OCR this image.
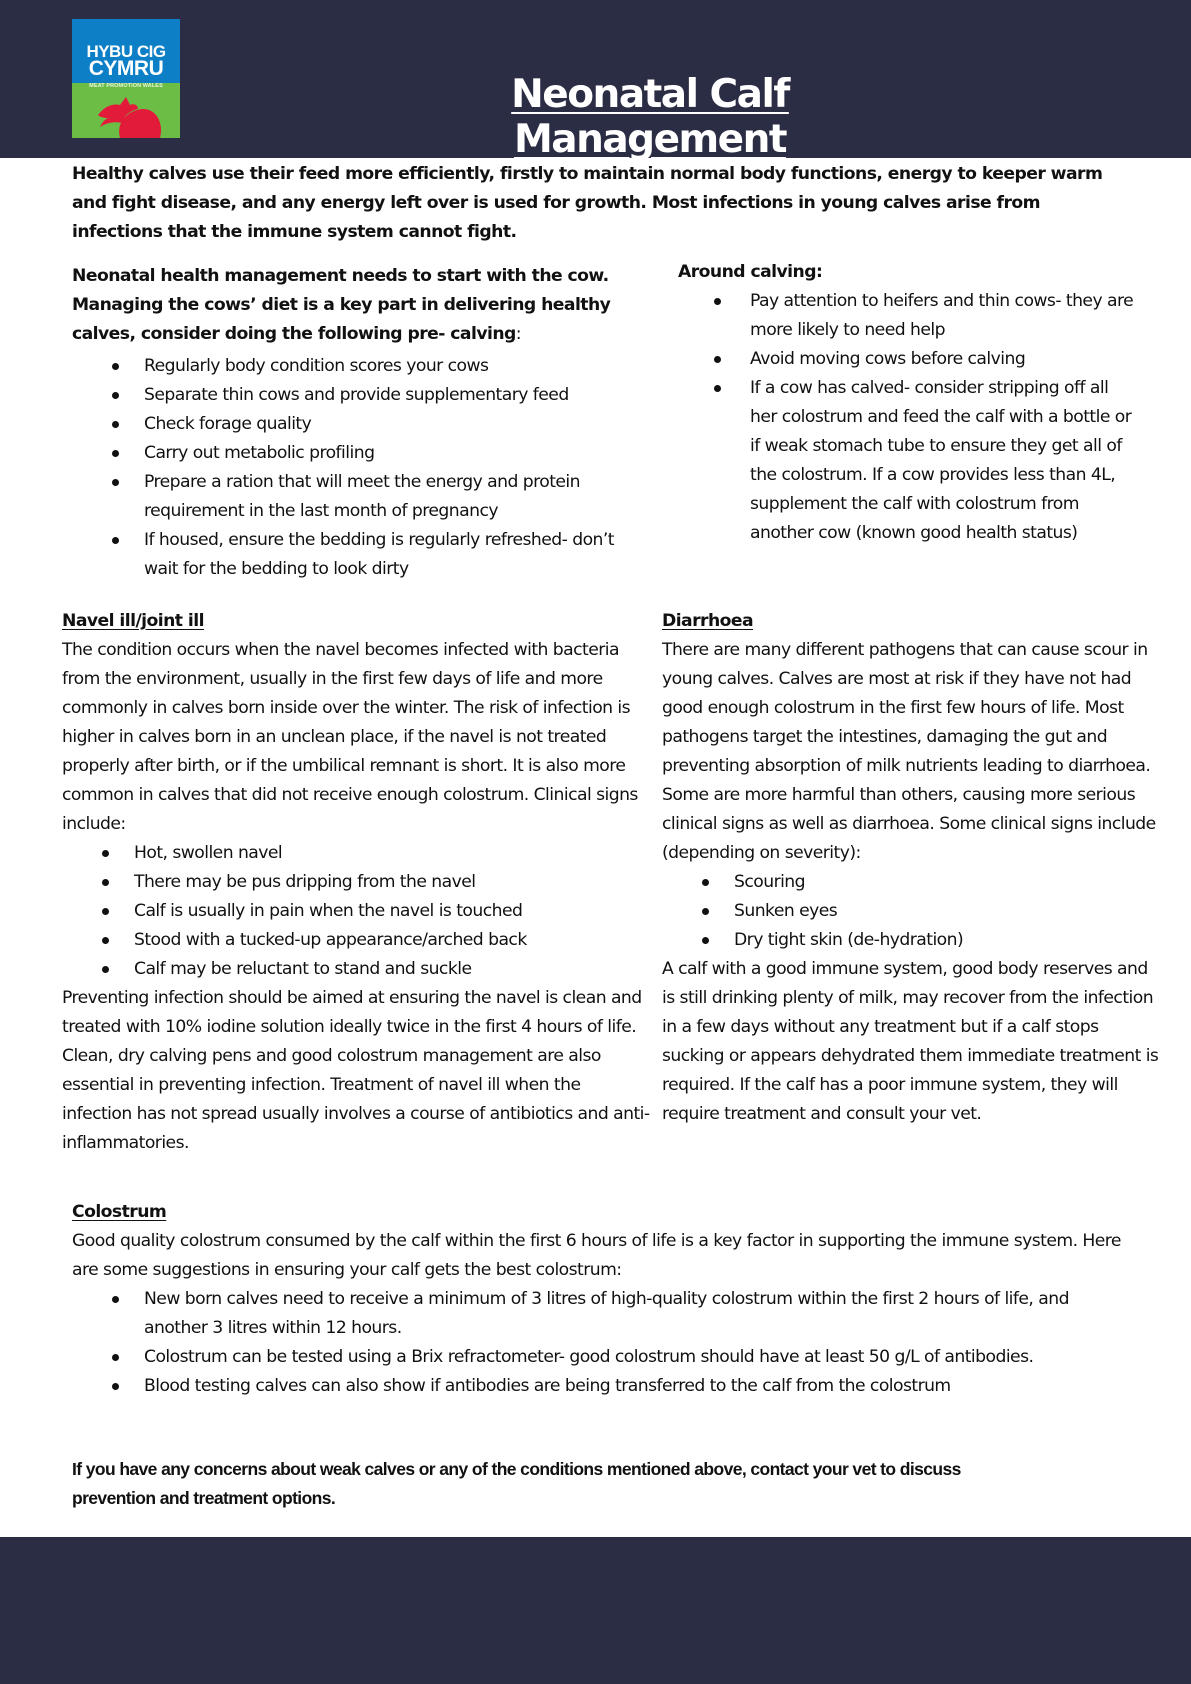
HYBU CIG
CYMRU
MEAT PROMOTION WALES	Neonatal Calf Management
Healthy calves use their feed more efficiently, firstly to maintain normal body functions, energy to keeper warm and fight disease, and any energy left over is used for growth. Most infections in young calves arise from infections that the immune system cannot fight.
Neonatal health management needs to start with the cow. Managing the cows’ diet is a key part in delivering healthy calves, consider doing the following pre- calving:
Regularly body condition scores your cows
Separate thin cows and provide supplementary feed
Check forage quality
Carry out metabolic profiling
Prepare a ration that will meet the energy and protein requirement in the last month of pregnancy
If housed, ensure the bedding is regularly refreshed- don’t wait for the bedding to look dirty
Around calving:
Pay attention to heifers and thin cows- they are more likely to need help
Avoid moving cows before calving
If a cow has calved- consider stripping off all her colostrum and feed the calf with a bottle or if weak stomach tube to ensure they get all of the colostrum. If a cow provides less than 4L, supplement the calf with colostrum from another cow (known good health status)
Navel ill/joint ill
The condition occurs when the navel becomes infected with bacteria from the environment, usually in the first few days of life and more commonly in calves born inside over the winter. The risk of infection is higher in calves born in an unclean place, if the navel is not treated properly after birth, or if the umbilical remnant is short. It is also more common in calves that did not receive enough colostrum. Clinical signs include:
Hot, swollen navel
There may be pus dripping from the navel
Calf is usually in pain when the navel is touched
Stood with a tucked-up appearance/arched back
Calf may be reluctant to stand and suckle
Preventing infection should be aimed at ensuring the navel is clean and treated with 10% iodine solution ideally twice in the first 4 hours of life. Clean, dry calving pens and good colostrum management are also essential in preventing infection. Treatment of navel ill when the infection has not spread usually involves a course of antibiotics and anti-inflammatories.
Diarrhoea
There are many different pathogens that can cause scour in young calves. Calves are most at risk if they have not had good enough colostrum in the first few hours of life. Most pathogens target the intestines, damaging the gut and preventing absorption of milk nutrients leading to diarrhoea. Some are more harmful than others, causing more serious clinical signs as well as diarrhoea. Some clinical signs include (depending on severity):
Scouring
Sunken eyes
Dry tight skin (de-hydration)
A calf with a good immune system, good body reserves and is still drinking plenty of milk, may recover from the infection in a few days without any treatment but if a calf stops sucking or appears dehydrated them immediate treatment is required. If the calf has a poor immune system, they will require treatment and consult your vet.
Colostrum
Good quality colostrum consumed by the calf within the first 6 hours of life is a key factor in supporting the immune system. Here are some suggestions in ensuring your calf gets the best colostrum:
New born calves need to receive a minimum of 3 litres of high-quality colostrum within the first 2 hours of life, and another 3 litres within 12 hours.
Colostrum can be tested using a Brix refractometer- good colostrum should have at least 50 g/L of antibodies.
Blood testing calves can also show if antibodies are being transferred to the calf from the colostrum
If you have any concerns about weak calves or any of the conditions mentioned above, contact your vet to discuss prevention and treatment options.
